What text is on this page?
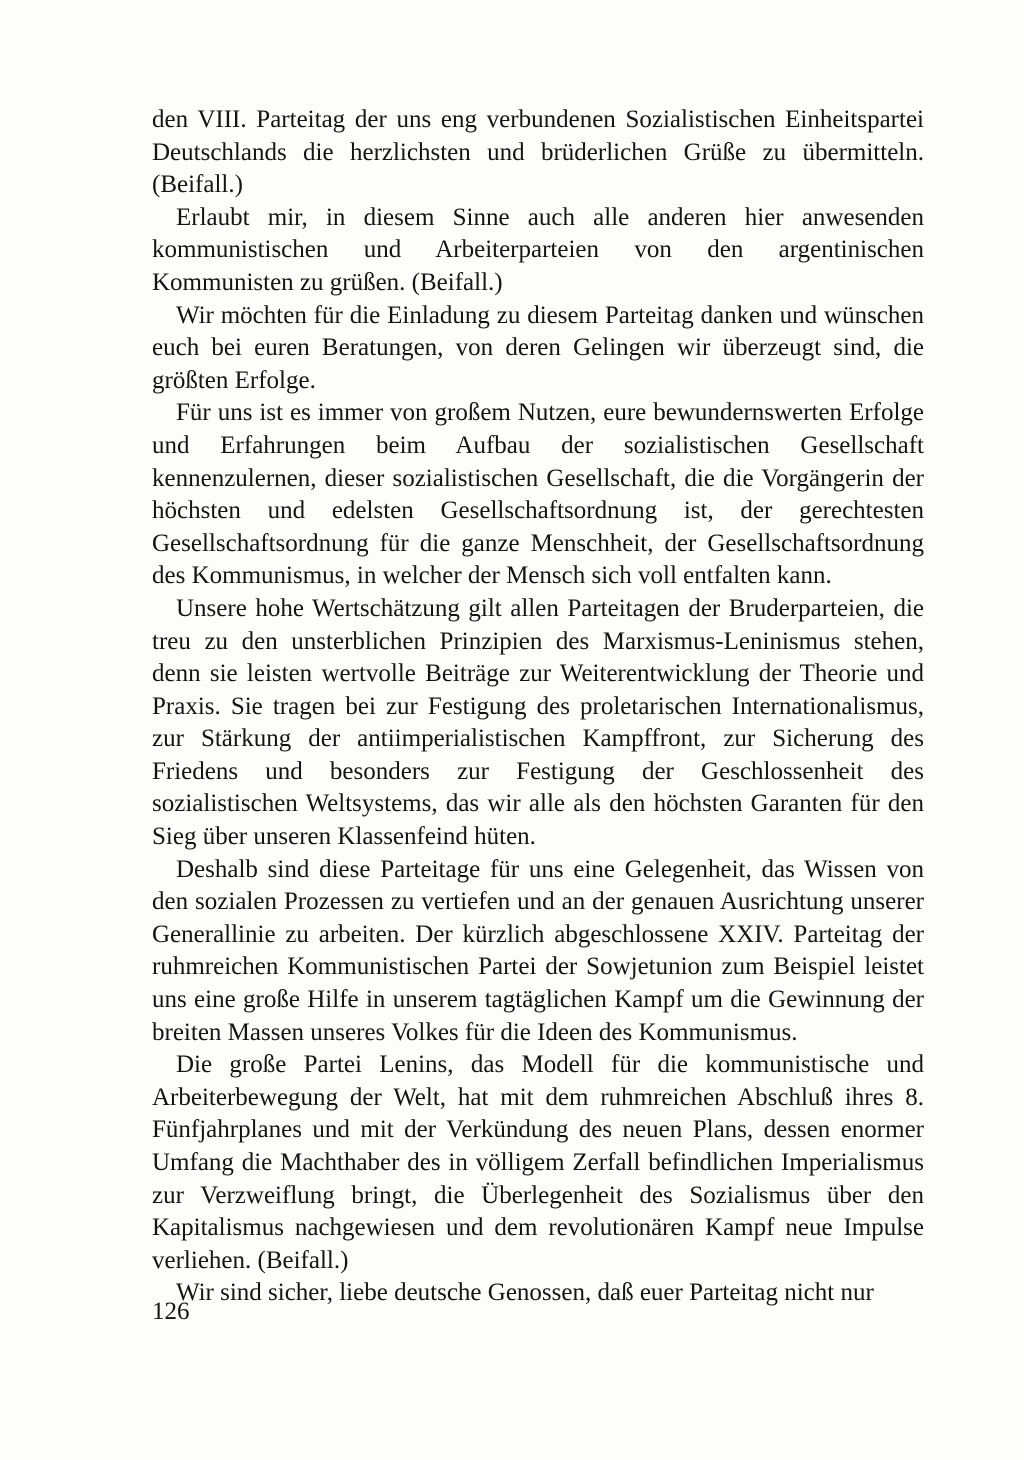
den VIII. Parteitag der uns eng verbundenen Sozialistischen Einheitspartei Deutschlands die herzlichsten und brüderlichen Grüße zu übermitteln. (Beifall.)

Erlaubt mir, in diesem Sinne auch alle anderen hier anwesenden kommunistischen und Arbeiterparteien von den argentinischen Kommunisten zu grüßen. (Beifall.)

Wir möchten für die Einladung zu diesem Parteitag danken und wünschen euch bei euren Beratungen, von deren Gelingen wir überzeugt sind, die größten Erfolge.

Für uns ist es immer von großem Nutzen, eure bewundernswerten Erfolge und Erfahrungen beim Aufbau der sozialistischen Gesellschaft kennenzulernen, dieser sozialistischen Gesellschaft, die die Vorgängerin der höchsten und edelsten Gesellschaftsordnung ist, der gerechtesten Gesellschaftsordnung für die ganze Menschheit, der Gesellschaftsordnung des Kommunismus, in welcher der Mensch sich voll entfalten kann.

Unsere hohe Wertschätzung gilt allen Parteitagen der Bruderparteien, die treu zu den unsterblichen Prinzipien des Marxismus-Leninismus stehen, denn sie leisten wertvolle Beiträge zur Weiterentwicklung der Theorie und Praxis. Sie tragen bei zur Festigung des proletarischen Internationalismus, zur Stärkung der antiimperialistischen Kampffront, zur Sicherung des Friedens und besonders zur Festigung der Geschlossenheit des sozialistischen Weltsystems, das wir alle als den höchsten Garanten für den Sieg über unseren Klassenfeind hüten.

Deshalb sind diese Parteitage für uns eine Gelegenheit, das Wissen von den sozialen Prozessen zu vertiefen und an der genauen Ausrichtung unserer Generallinie zu arbeiten. Der kürzlich abgeschlossene XXIV. Parteitag der ruhmreichen Kommunistischen Partei der Sowjetunion zum Beispiel leistet uns eine große Hilfe in unserem tagtäglichen Kampf um die Gewinnung der breiten Massen unseres Volkes für die Ideen des Kommunismus.

Die große Partei Lenins, das Modell für die kommunistische und Arbeiterbewegung der Welt, hat mit dem ruhmreichen Abschluß ihres 8. Fünfjahrplanes und mit der Verkündung des neuen Plans, dessen enormer Umfang die Machthaber des in völligem Zerfall befindlichen Imperialismus zur Verzweiflung bringt, die Überlegenheit des Sozialismus über den Kapitalismus nachgewiesen und dem revolutionären Kampf neue Impulse verliehen. (Beifall.)

Wir sind sicher, liebe deutsche Genossen, daß euer Parteitag nicht nur

126
